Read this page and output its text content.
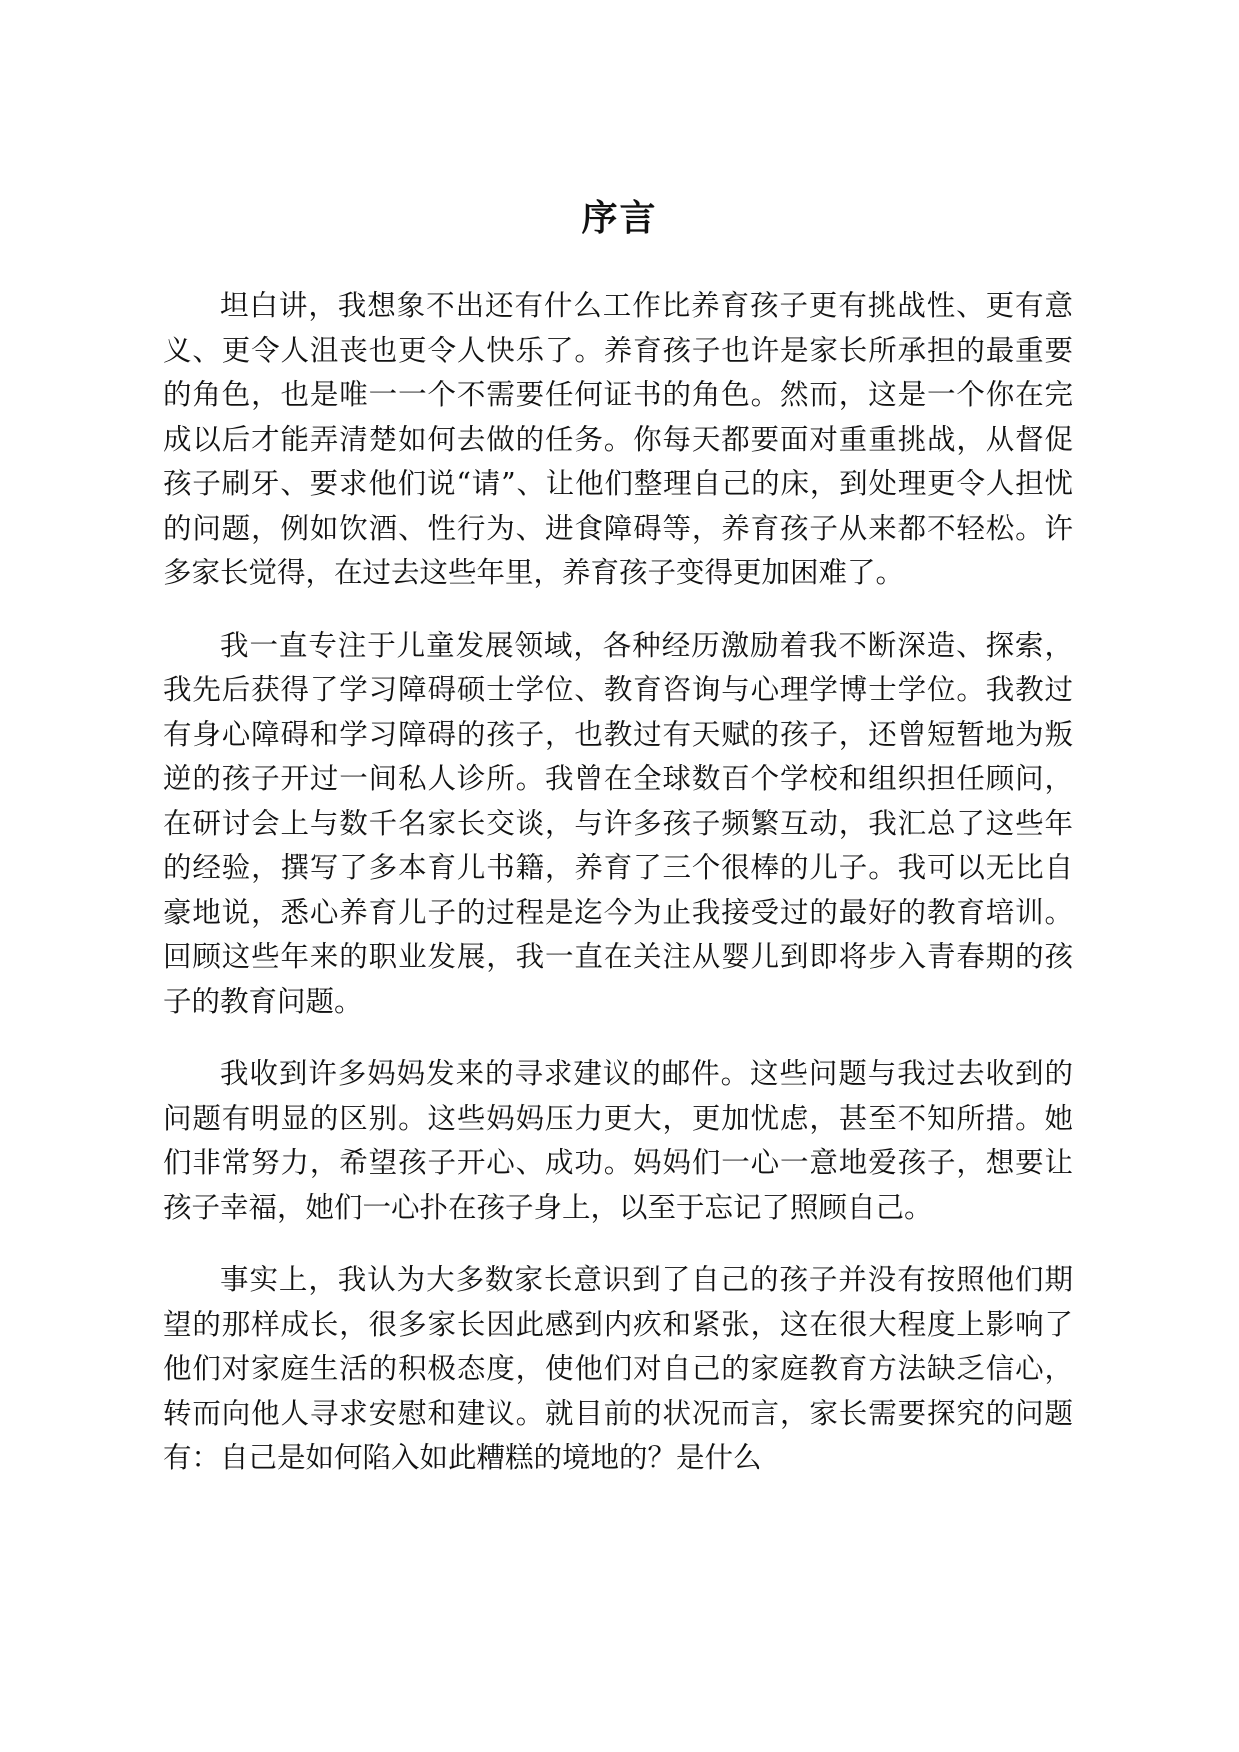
序言

坦白讲，我想象不出还有什么工作比养育孩子更有挑战性、更有意义、更令人沮丧也更令人快乐了。养育孩子也许是家长所承担的最重要的角色，也是唯一一个不需要任何证书的角色。然而，这是一个你在完成以后才能弄清楚如何去做的任务。你每天都要面对重重挑战，从督促孩子刷牙、要求他们说“请”、让他们整理自己的床，到处理更令人担忧的问题，例如饮酒、性行为、进食障碍等，养育孩子从来都不轻松。许多家长觉得，在过去这些年里，养育孩子变得更加困难了。

我一直专注于儿童发展领域，各种经历激励着我不断深造、探索，我先后获得了学习障碍硕士学位、教育咨询与心理学博士学位。我教过有身心障碍和学习障碍的孩子，也教过有天赋的孩子，还曾短暂地为叛逆的孩子开过一间私人诊所。我曾在全球数百个学校和组织担任顾问，在研讨会上与数千名家长交谈，与许多孩子频繁互动，我汇总了这些年的经验，撰写了多本育儿书籍，养育了三个很棒的儿子。我可以无比自豪地说，悉心养育儿子的过程是迄今为止我接受过的最好的教育培训。回顾这些年来的职业发展，我一直在关注从婴儿到即将步入青春期的孩子的教育问题。

我收到许多妈妈发来的寻求建议的邮件。这些问题与我过去收到的问题有明显的区别。这些妈妈压力更大，更加忧虑，甚至不知所措。她们非常努力，希望孩子开心、成功。妈妈们一心一意地爱孩子，想要让孩子幸福，她们一心扑在孩子身上，以至于忘记了照顾自己。

事实上，我认为大多数家长意识到了自己的孩子并没有按照他们期望的那样成长，很多家长因此感到内疚和紧张，这在很大程度上影响了他们对家庭生活的积极态度，使他们对自己的家庭教育方法缺乏信心，转而向他人寻求安慰和建议。就目前的状况而言，家长需要探究的问题有：自己是如何陷入如此糟糕的境地的？是什么
